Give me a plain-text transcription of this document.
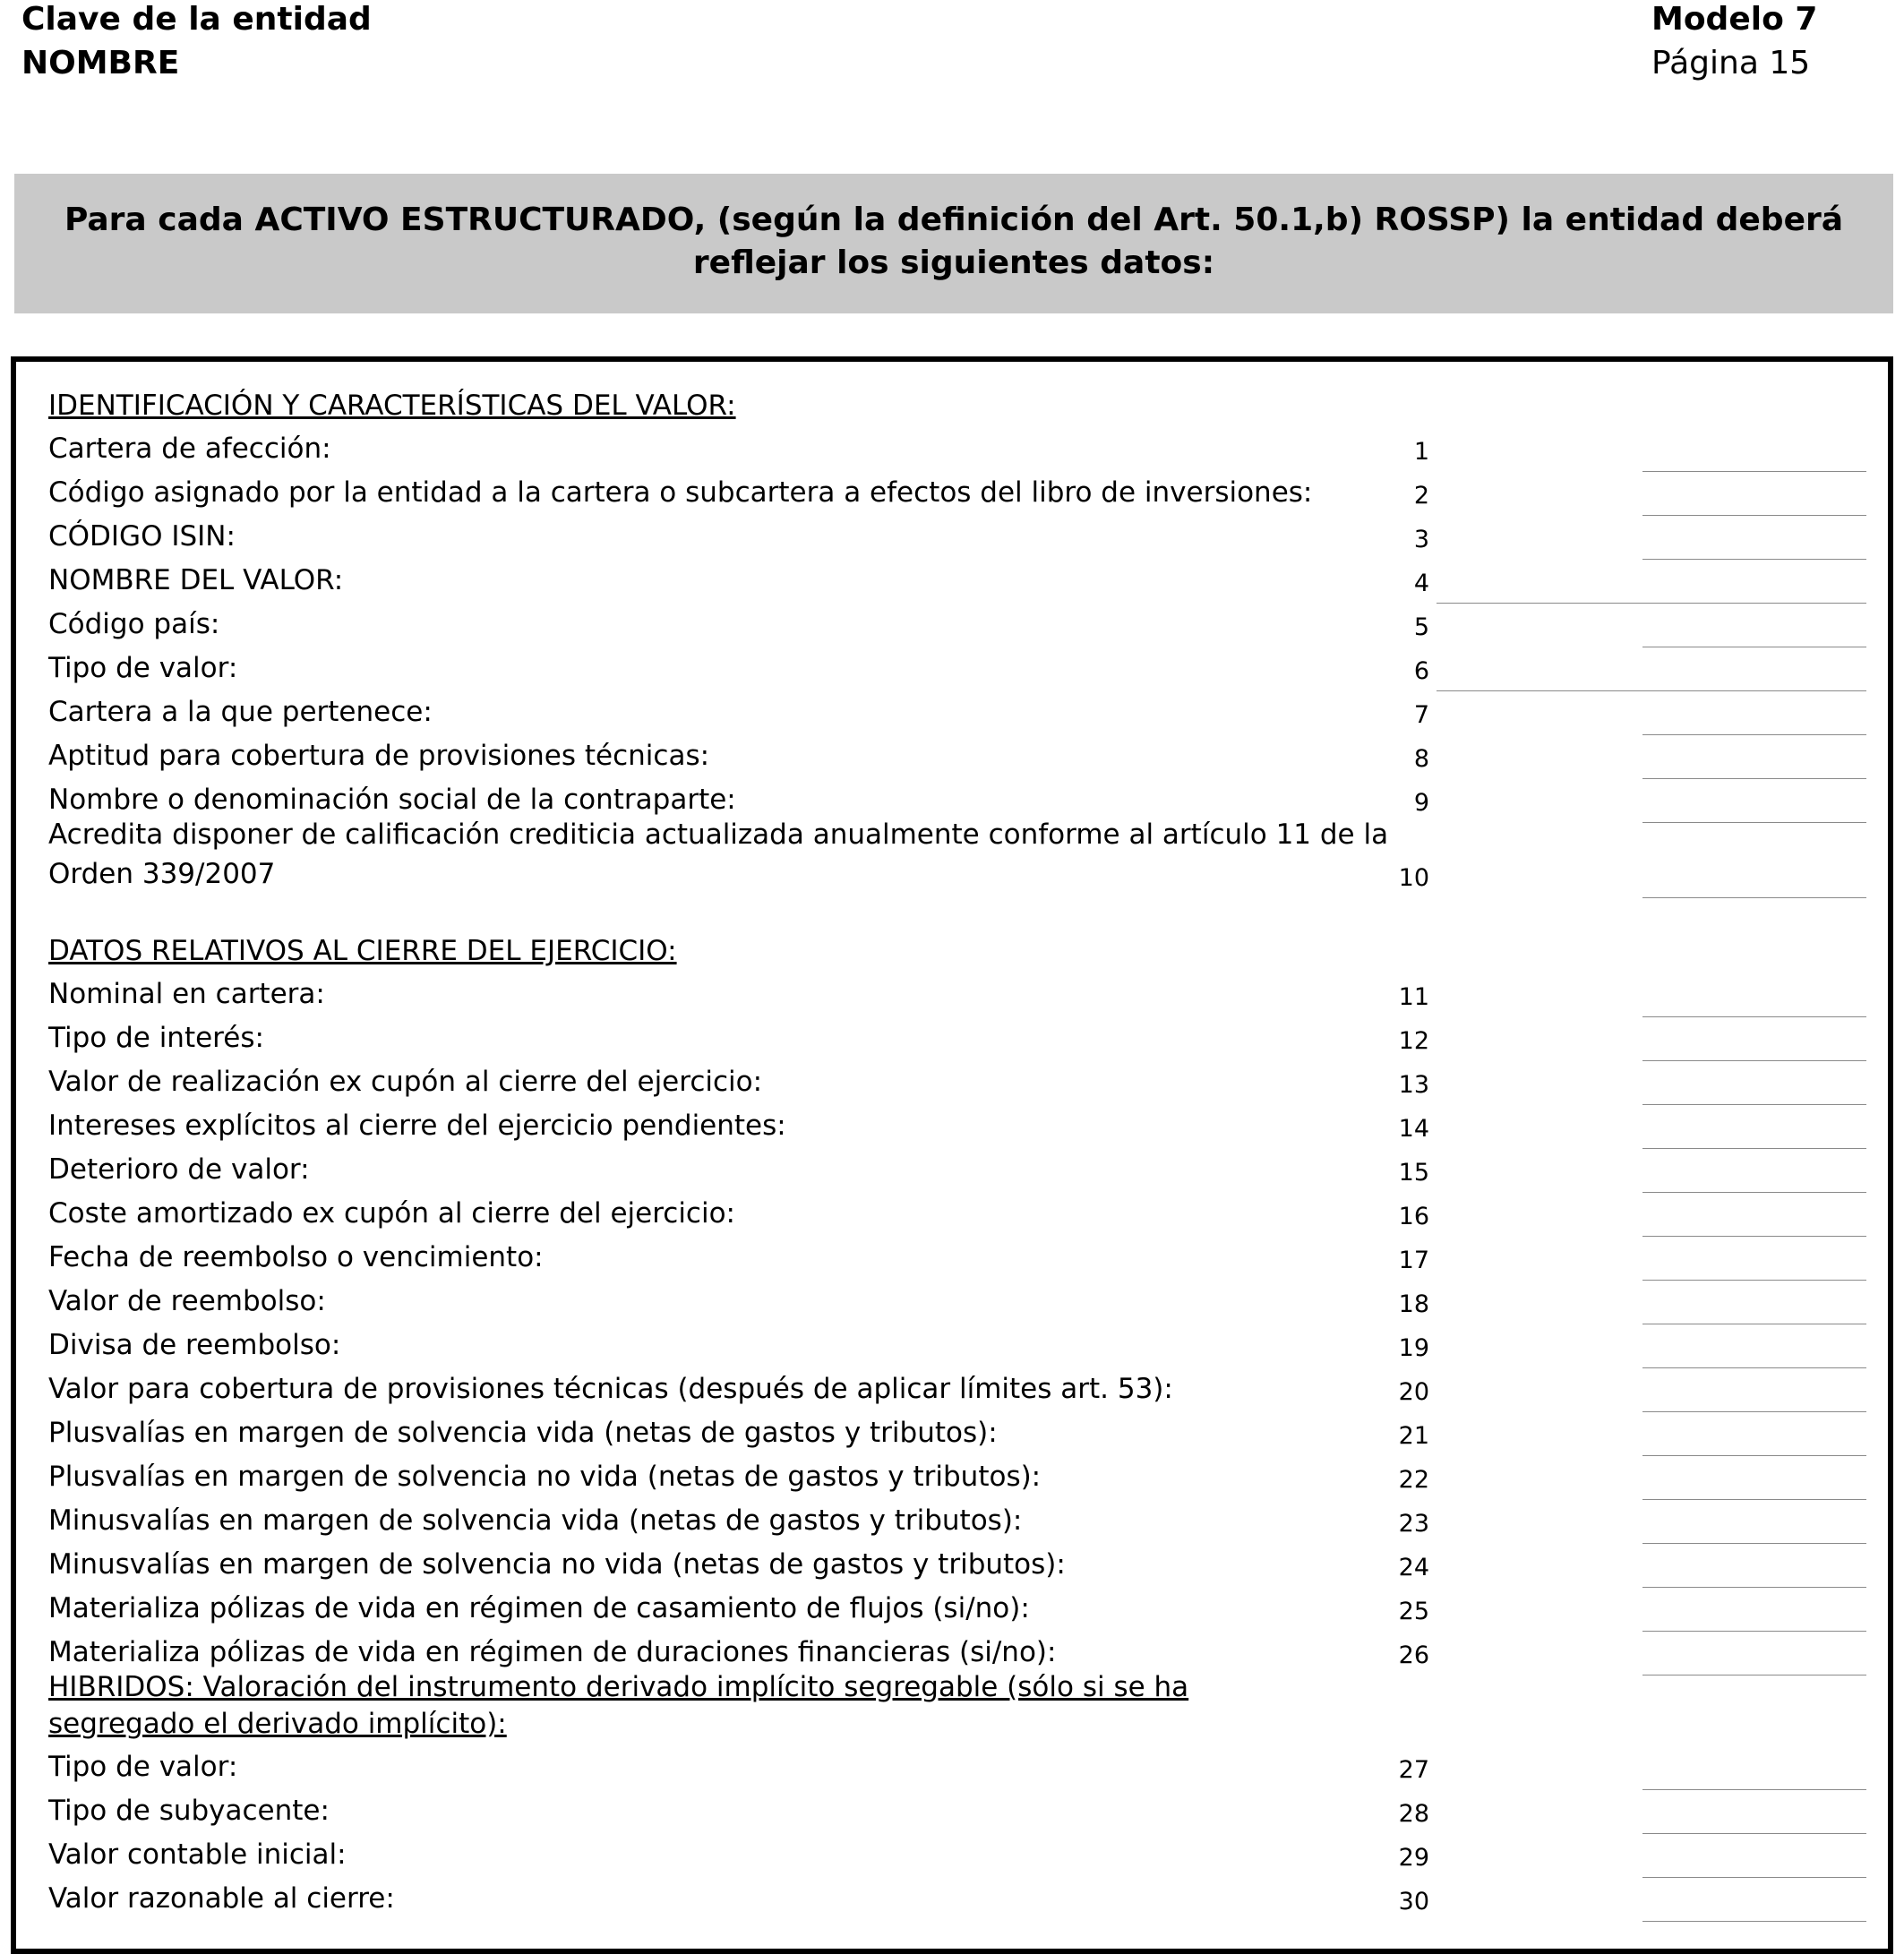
Clave de la entidad
NOMBRE
Modelo 7
Página 15
Para cada ACTIVO ESTRUCTURADO, (según la definición del Art. 50.1,b) ROSSP) la entidad deberá
reflejar los siguientes datos:
IDENTIFICACIÓN Y CARACTERÍSTICAS DEL VALOR:
DATOS RELATIVOS AL CIERRE DEL EJERCICIO:
HIBRIDOS: Valoración del instrumento derivado implícito segregable (sólo si se ha segregado el derivado implícito):
Cartera de afección:	1
Código asignado por la entidad a la cartera o subcartera a efectos del libro de inversiones:	2
CÓDIGO ISIN:	3
NOMBRE DEL VALOR:	4
Código país:	5
Tipo de valor:	6
Cartera a la que pertenece:	7
Aptitud para cobertura de provisiones técnicas:	8
Nombre o denominación social de la contraparte:	9
Acredita disponer de calificación crediticia actualizada anualmente conforme al artículo 11 de la Orden 339/2007	10
Nominal en cartera:	11
Tipo de interés:	12
Valor de realización ex cupón al cierre del ejercicio:	13
Intereses explícitos al cierre del ejercicio pendientes:	14
Deterioro de valor:	15
Coste amortizado ex cupón al cierre del ejercicio:	16
Fecha de reembolso o vencimiento:	17
Valor de reembolso:	18
Divisa de reembolso:	19
Valor para cobertura de provisiones técnicas (después de aplicar límites art. 53):	20
Plusvalías en margen de solvencia vida (netas de gastos y tributos):	21
Plusvalías en margen de solvencia no vida (netas de gastos y tributos):	22
Minusvalías en margen de solvencia vida (netas de gastos y tributos):	23
Minusvalías en margen de solvencia no vida (netas de gastos y tributos):	24
Materializa pólizas de vida en régimen de casamiento de flujos (si/no):	25
Materializa pólizas de vida en régimen de duraciones financieras (si/no):	26
Tipo de valor:	27
Tipo de subyacente:	28
Valor contable inicial:	29
Valor razonable al cierre:	30
